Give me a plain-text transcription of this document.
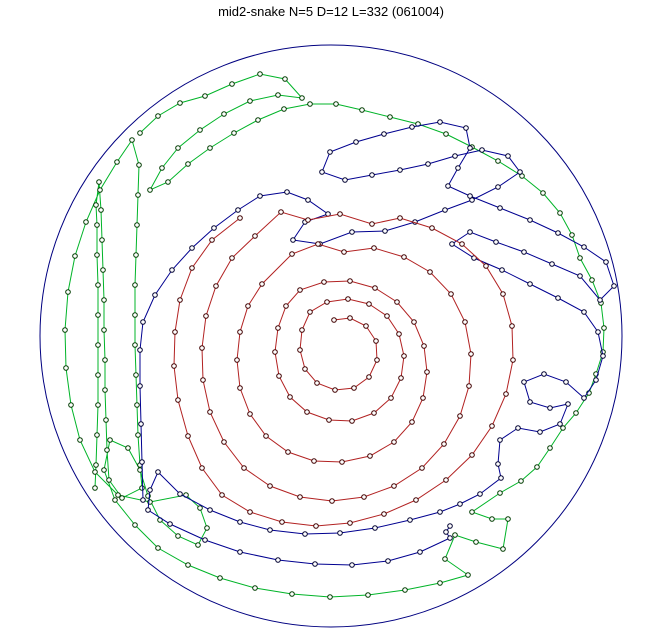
mid2-snake N=5 D=12 L=332 (061004)
